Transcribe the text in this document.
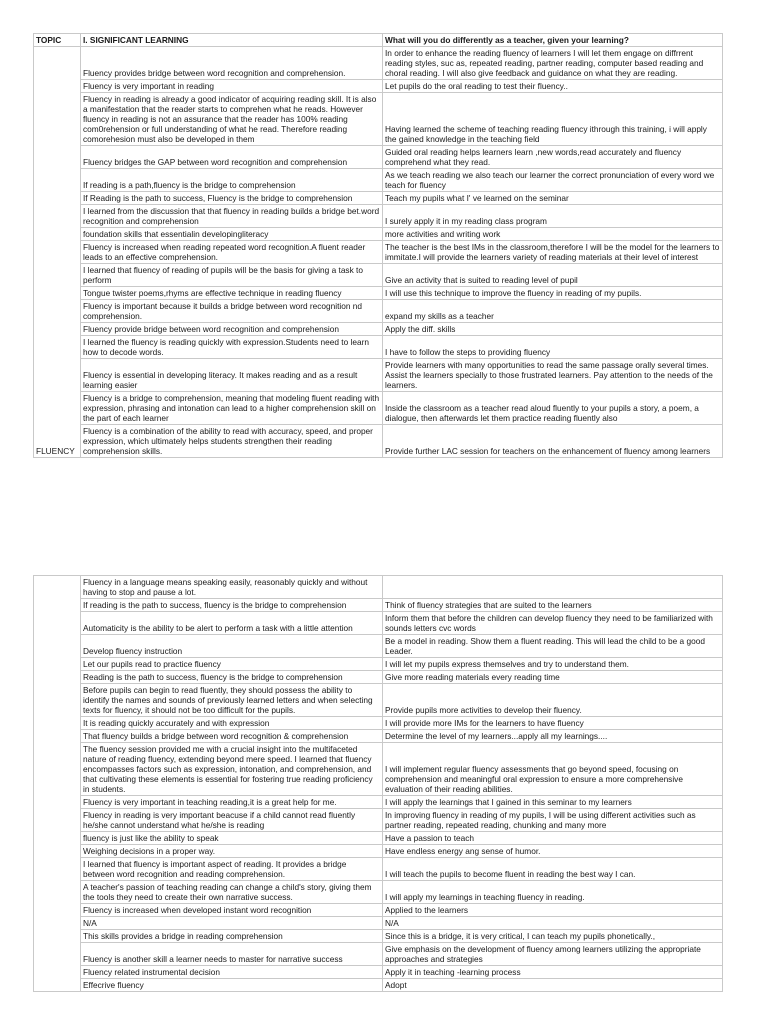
TOPIC	I. SIGNIFICANT LEARNING	What will you do differently as a teacher, given your learning?
FLUENCY	Fluency provides bridge between word recognition and comprehension.	In order to enhance the reading fluency of learners I will let them engage on diffrrent reading styles, suc as, repeated reading, partner reading, computer based reading and choral reading. I will also give feedback and guidance on what they are reading.
	Fluency is very important in reading	Let pupils do the oral reading to test their fluency..
	Fluency in reading is already a good indicator of acquiring reading skill. It is also a manifestation that the reader starts to comprehen what he reads. However fluency in reading is not an assurance that the reader has 100% reading com0rehension or full understanding of what he read. Therefore reading comorehesion must also be developed in them	Having learned the scheme of teaching reading fluency ithrough this training, i will apply the gained knowledge in the teaching field
	Fluency bridges the GAP between word recognition and comprehension	Guided oral reading helps learners learn ,new words,read accurately and fluency comprehend what they read.
	If reading is a path,fluency is the bridge to comprehension	As we teach reading we also teach our learner the correct pronunciation of every word we teach for fluency
	If Reading is the path to success, Fluency is the bridge to comprehension	Teach my pupils what I' ve learned on the seminar
	I learned from the discussion that that fluency in reading builds a bridge bet.word recognition and comprehension	I surely apply it in my reading class program
	foundation skills that essentialin developingliteracy	more activities and writing work
	Fluency is increased when reading repeated word recognition.A fluent reader leads to an effective comprehension.	The teacher is the best IMs in the classroom,therefore I will be the model for the learners to immitate.I will provide the learners variety of reading materials at their level of interest
	I learned that fluency of reading of pupils will be the basis for giving a task to perform	Give an activity that is suited to reading level of pupil
	Tongue twister poems,rhyms are effective technique in reading fluency	I will use this technique to improve the fluency in reading of my pupils.
	Fluency is important because it builds a bridge between word recognition nd comprehension.	expand my skills as a teacher
	Fluency provide bridge between word recognition and comprehension	Apply the diff. skills
	I learned the fluency is reading quickly with expression.Students need to learn how to decode words.	I have to follow the steps to providing fluency
	Fluency is essential in developing literacy. It makes reading and as a result learning easier	Provide learners with many opportunities to read the same passage orally several times. Assist the learners specially to those frustrated learners. Pay attention to the needs of the learners.
	Fluency is a bridge to comprehension, meaning that modeling fluent reading with expression, phrasing and intonation can lead to a higher comprehension skill on the part of each learner	Inside the classroom as a teacher read aloud fluently to your pupils a story, a poem, a dialogue, then afterwards let them practice reading fluently also
	Fluency is a combination of the ability to read with accuracy, speed, and proper expression, which ultimately helps students strengthen their reading comprehension skills.	Provide further LAC session for teachers on the enhancement of fluency among learners
	Fluency in a language means speaking easily, reasonably quickly and without having to stop and pause a lot.	
	If reading is the path to success, fluency is the bridge to comprehension	Think of fluency strategies that are suited to the learners
	Automaticity is the ability to be alert to perform a task with a little attention	Inform them that before the children can develop fluency they need to be familiarized with sounds letters cvc words
	Develop fluency instruction	Be a model in reading. Show them a fluent reading. This will lead the child to be a good Leader.
	Let our pupils read to practice fluency	I will let my pupils express themselves and try to understand them.
	Reading is the path to success, fluency is the bridge to comprehension	Give more reading materials every reading time
	Before pupils can begin to read fluently, they should possess the ability to identify the names and sounds of previously learned letters and when selecting texts for fluency, it should not be too difficult for the pupils.	Provide pupils more activities to develop their fluency.
	It is reading quickly accurately and with expression	I will provide more IMs for the learners to have fluency
	That fluency builds a bridge between word recognition & comprehension	Determine the level of my learners...apply all my learnings....
	The fluency session provided me with a crucial insight into the multifaceted nature of reading fluency, extending beyond mere speed. I learned that fluency encompasses factors such as expression, intonation, and comprehension, and that cultivating these elements is essential for fostering true reading proficiency in students.	I will implement regular fluency assessments that go beyond speed, focusing on comprehension and meaningful oral expression to ensure a more comprehensive evaluation of their reading abilities.
	Fluency is very important in teaching reading,it is a great help for me.	I will apply the learnings that I gained in this seminar to my learners
	Fluency in reading is very important beacuse if a child cannot read fluently he/she cannot understand what he/she is reading	In improving fluency in reading of my pupils, I will be using different activities such as partner reading, repeated reading, chunking and many more
	fluency is just like the ability to speak	Have a passion to teach
	Weighing decisions in a proper way.	Have endless energy ang sense of humor.
	I learned that fluency is important aspect of reading. It provides a bridge between word recognition and reading comprehension.	I will teach the pupils to become fluent in reading the best way I can.
	A teacher's passion of teaching reading can change a child's story, giving them the tools they need to create their own narrative success.	I will apply my learnings in teaching fluency in reading.
	Fluency is increased when developed instant word recognition	Applied to the learners
	N/A	N/A
	This skills provides a bridge in reading comprehension	Since this is a bridge, it is very critical, I can teach my pupils phonetically.,
	Fluency is another skill a learner needs to master for narrative success	Give emphasis on the development of fluency among learners utilizing the appropriate approaches and strategies
	Fluency related instrumental decision	Apply it in teaching -learning process
	Effecrive fluency	Adopt
